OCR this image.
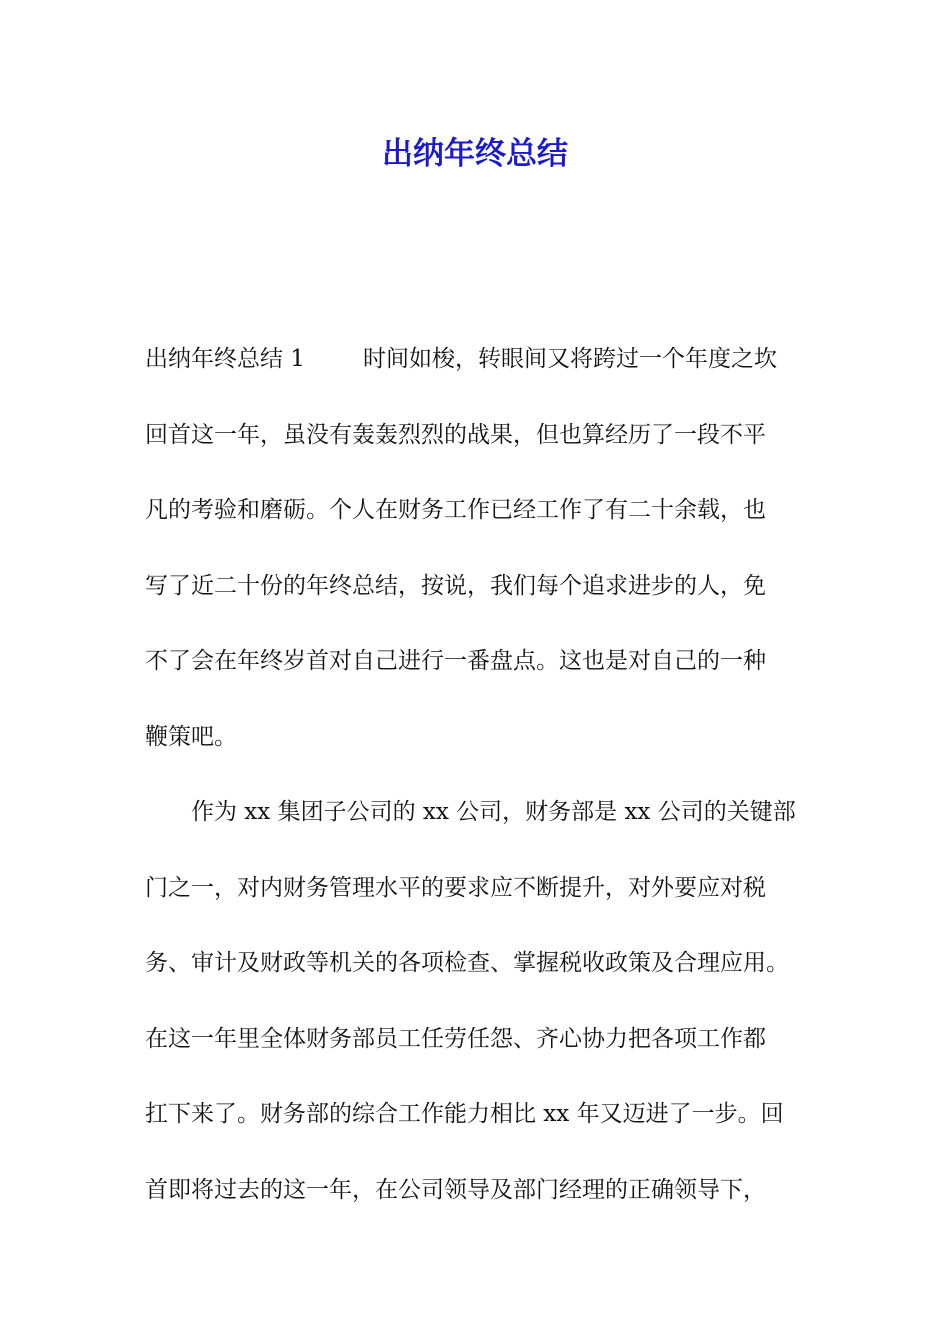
出纳年终总结
出纳年终总结 1	时间如梭，转眼间又将跨过一个年度之坎
回首这一年，虽没有轰轰烈烈的战果，但也算经历了一段不平
凡的考验和磨砺。个人在财务工作已经工作了有二十余载，也
写了近二十份的年终总结，按说，我们每个追求进步的人，免
不了会在年终岁首对自己进行一番盘点。这也是对自己的一种
鞭策吧。
作为 xx 集团子公司的 xx 公司，财务部是 xx 公司的关键部
门之一，对内财务管理水平的要求应不断提升，对外要应对税
务、审计及财政等机关的各项检查、掌握税收政策及合理应用。
在这一年里全体财务部员工任劳任怨、齐心协力把各项工作都
扛下来了。财务部的综合工作能力相比 xx 年又迈进了一步。回
首即将过去的这一年，在公司领导及部门经理的正确领导下，
